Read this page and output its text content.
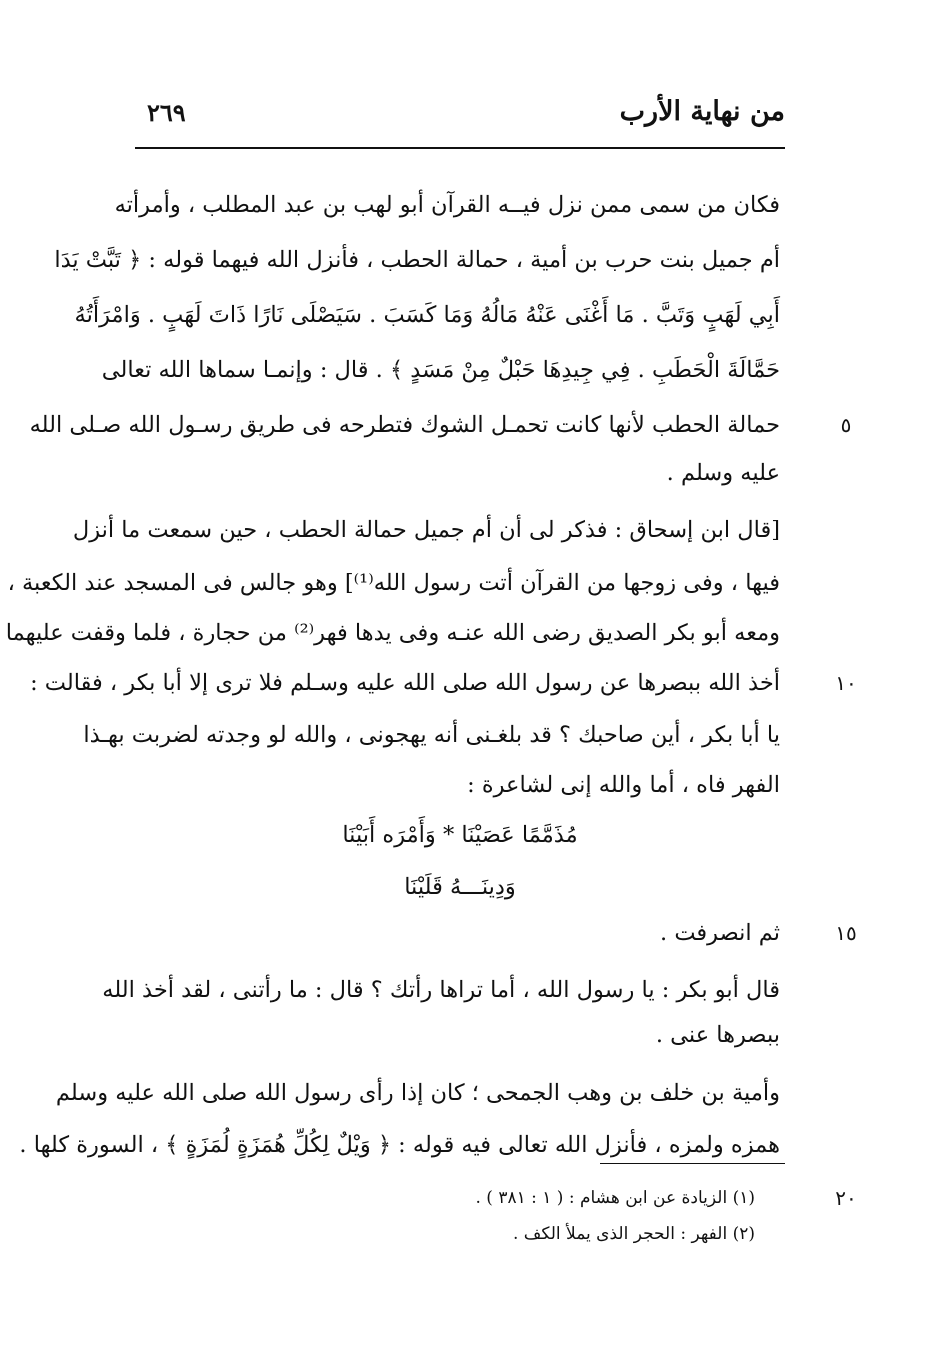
من نهاية الأرب
٢٦٩
فكان من سمى ممن نزل فيــه القرآن أبو لهب بن عبد المطلب ، وأمرأته
أم جميل بنت حرب بن أمية ، حمالة الحطب ، فأنزل الله فيهما قوله : ﴿ تَبَّتْ يَدَا
أَبِي لَهَبٍ وَتَبَّ . مَا أَغْنَى عَنْهُ مَالُهُ وَمَا كَسَبَ . سَيَصْلَى نَارًا ذَاتَ لَهَبٍ . وَامْرَأَتُهُ
حَمَّالَةَ الْحَطَبِ . فِي جِيدِهَا حَبْلٌ مِنْ مَسَدٍ ﴾ . قال : وإنمـا سماها الله تعالى
حمالة الحطب لأنها كانت تحمـل الشوك فتطرحه فى طريق رسـول الله صـلى الله
عليه وسلم .
[قال ابن إسحاق : فذكر لى أن أم جميل حمالة الحطب ، حين سمعت ما أنزل
فيها ، وفى زوجها من القرآن أتت رسول الله⁽¹⁾] وهو جالس فى المسجد عند الكعبة ،
ومعه أبو بكر الصديق رضى الله عنـه وفى يدها فهر⁽²⁾ من حجارة ، فلما وقفت عليهما
أخذ الله ببصرها عن رسول الله صلى الله عليه وسـلم فلا ترى إلا أبا بكر ، فقالت :
يا أبا بكر ، أين صاحبك ؟ قد بلغـنى أنه يهجونى ، والله لو وجدته لضربت بهـذا
الفهر فاه ، أما والله إنى لشاعرة :
مُذَمَّمًا عَصَيْنَا * وَأَمْرَه أَبَيْنَا
وَدِينَـــهُ قَلَيْنَا
ثم انصرفت .
قال أبو بكر : يا رسول الله ، أما تراها رأتك ؟ قال : ما رأتنى ، لقد أخذ الله
ببصرها عنى .
وأمية بن خلف بن وهب الجمحى ؛ كان إذا رأى رسول الله صلى الله عليه وسلم
همزه ولمزه ، فأنزل الله تعالى فيه قوله : ﴿ وَيْلٌ لِكُلِّ هُمَزَةٍ لُمَزَةٍ ﴾ ، السورة كلها .
٥
١٠
١٥
٢٠
(١) الزيادة عن ابن هشام : ( ١ : ٣٨١ ) .
(٢) الفهر : الحجر الذى يملأ الكف .
